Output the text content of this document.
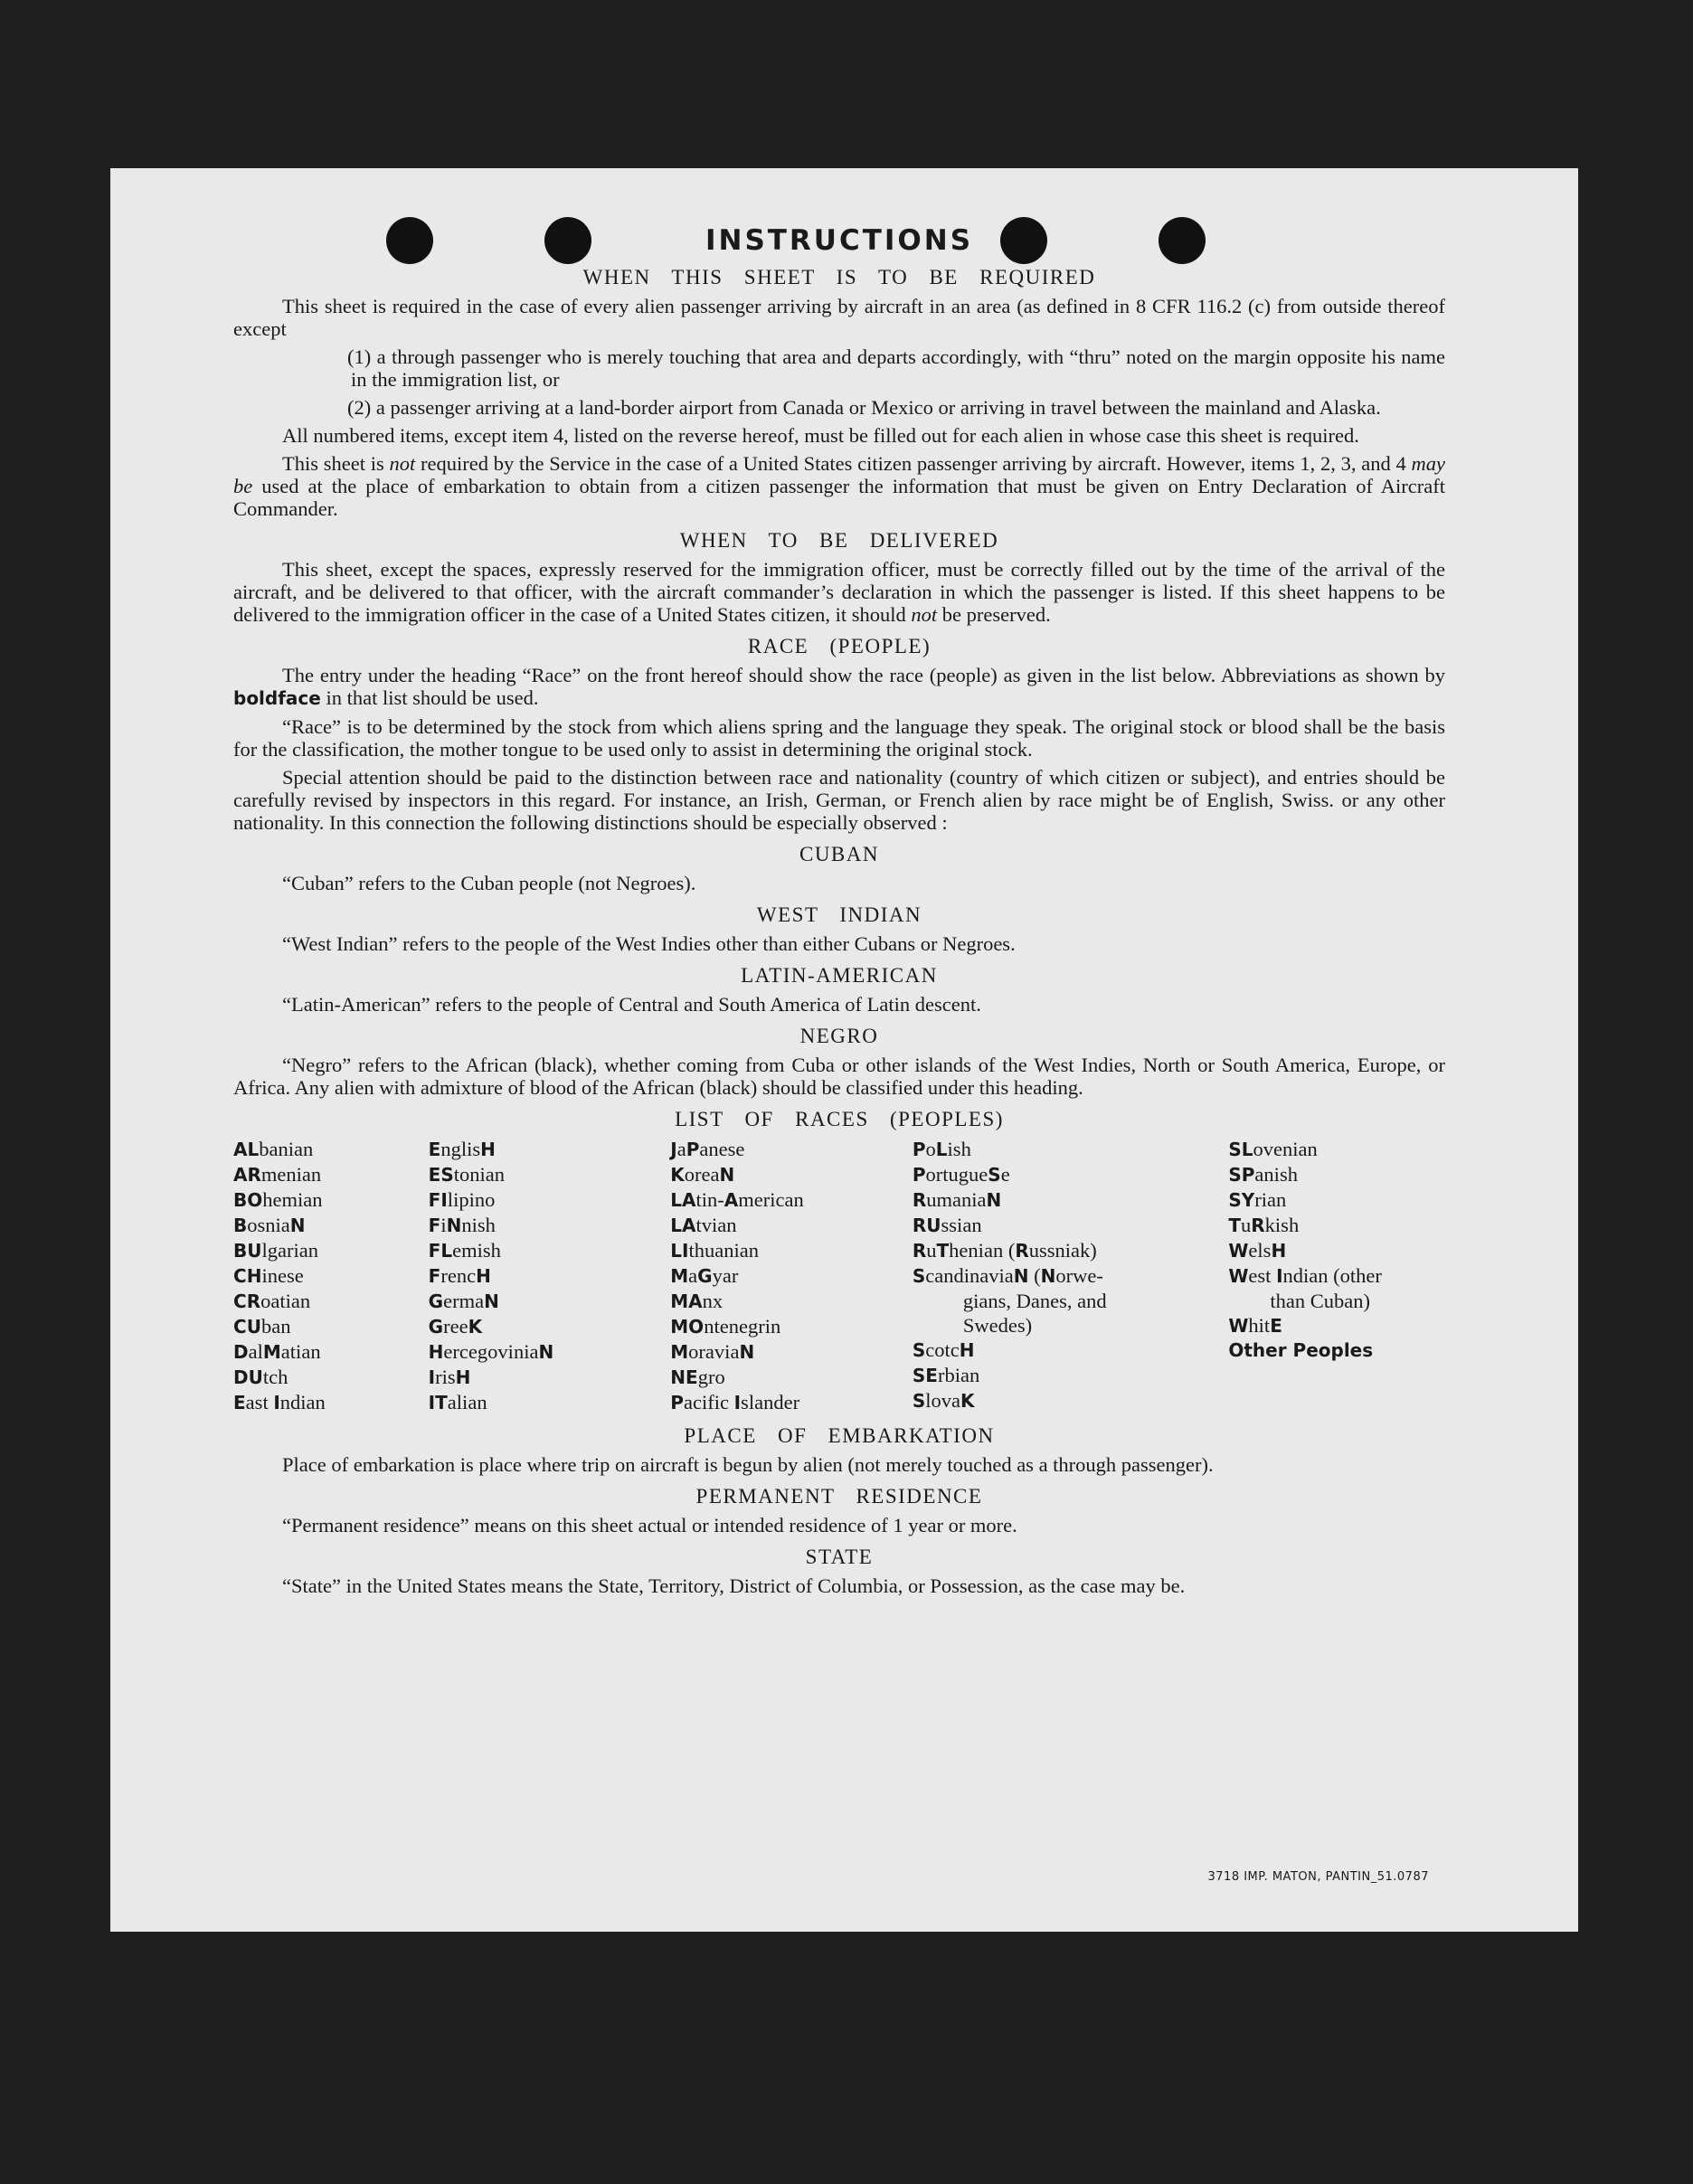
INSTRUCTIONS
WHEN THIS SHEET IS TO BE REQUIRED

This sheet is required in the case of every alien passenger arriving by aircraft in an area (as defined in 8 CFR 116.2 (c) from outside thereof except

(1) a through passenger who is merely touching that area and departs accordingly, with “thru” noted on the margin opposite his name in the immigration list, or

(2) a passenger arriving at a land-border airport from Canada or Mexico or arriving in travel between the mainland and Alaska.

All numbered items, except item 4, listed on the reverse hereof, must be filled out for each alien in whose case this sheet is required.

This sheet is not required by the Service in the case of a United States citizen passenger arriving by aircraft. However, items 1, 2, 3, and 4 may be used at the place of embarkation to obtain from a citizen passenger the information that must be given on Entry Declaration of Aircraft Commander.

WHEN TO BE DELIVERED

This sheet, except the spaces, expressly reserved for the immigration officer, must be correctly filled out by the time of the arrival of the aircraft, and be delivered to that officer, with the aircraft commander’s declaration in which the passenger is listed. If this sheet happens to be delivered to the immigration officer in the case of a United States citizen, it should not be preserved.

RACE (PEOPLE)

The entry under the heading “Race” on the front hereof should show the race (people) as given in the list below. Abbreviations as shown by boldface in that list should be used.

“Race” is to be determined by the stock from which aliens spring and the language they speak. The original stock or blood shall be the basis for the classification, the mother tongue to be used only to assist in determining the original stock.

Special attention should be paid to the distinction between race and nationality (country of which citizen or subject), and entries should be carefully revised by inspectors in this regard. For instance, an Irish, German, or French alien by race might be of English, Swiss. or any other nationality. In this connection the following distinctions should be especially observed :

CUBAN

“Cuban” refers to the Cuban people (not Negroes).

WEST INDIAN

“West Indian” refers to the people of the West Indies other than either Cubans or Negroes.

LATIN-AMERICAN

“Latin-American” refers to the people of Central and South America of Latin descent.

NEGRO

“Negro” refers to the African (black), whether coming from Cuba or other islands of the West Indies, North or South America, Europe, or Africa. Any alien with admixture of blood of the African (black) should be classified under this heading.

LIST OF RACES (PEOPLES)
ALbanian
ARmenian
BOhemian
BosniaN
BUlgarian
CHinese
CRoatian
CUban
DalMatian
DUtch
East Indian
EnglisH
EStonian
FIlipino
FiNnish
FLemish
FrencH
GermaN
GreeK
HercegoviniaN
IrisH
ITalian
JaPanese
KoreaN
LAtin-American
LAtvian
LIthuanian
MaGyar
MAnx
MOntenegrin
MoraviaN
NEgro
Pacific Islander
PoLish
PortugueSe
RumaniaN
RUssian
RuThenian (Russniak)
ScandinaviaN (Norwe-
gians, Danes, and
Swedes)
ScotcH
SErbian
SlovaK
SLovenian
SPanish
SYrian
TuRkish
WelsH
West Indian (other
than Cuban)
WhitE
Other Peoples
PLACE OF EMBARKATION

Place of embarkation is place where trip on aircraft is begun by alien (not merely touched as a through passenger).

PERMANENT RESIDENCE

“Permanent residence” means on this sheet actual or intended residence of 1 year or more.

STATE

“State” in the United States means the State, Territory, District of Columbia, or Possession, as the case may be.

3718 IMP. MATON, PANTIN_51.0787
